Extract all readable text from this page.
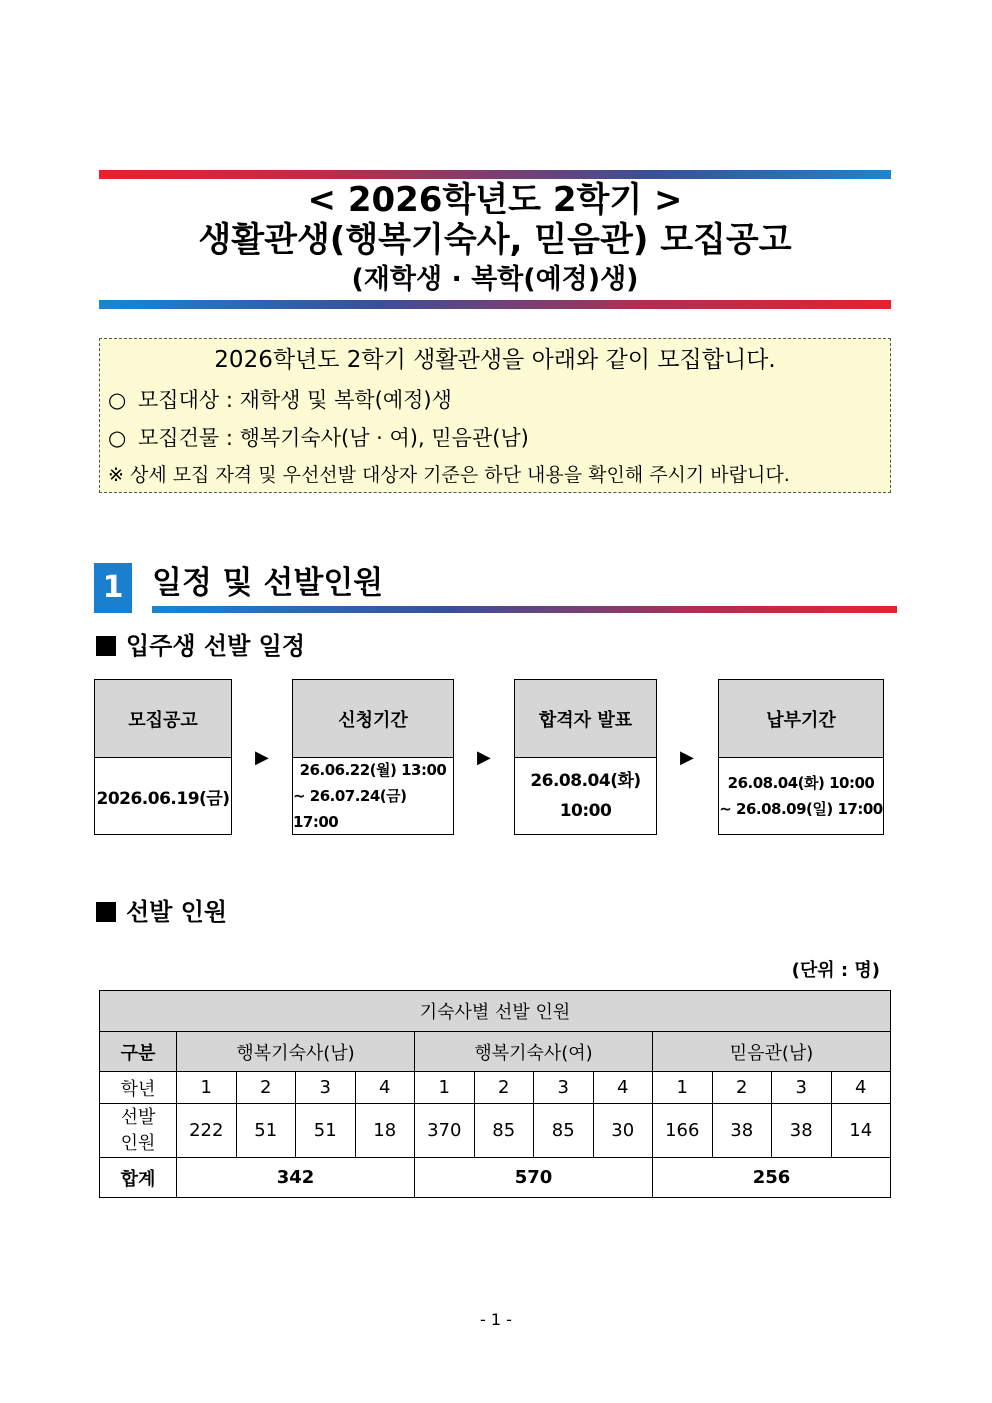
< 2026학년도 2학기 >
생활관생(행복기숙사, 믿음관) 모집공고
(재학생 · 복학(예정)생)
2026학년도 2학기 생활관생을 아래와 같이 모집합니다.
○ 모집대상 : 재학생 및 복학(예정)생
○ 모집건물 : 행복기숙사(남 · 여), 믿음관(남)
※ 상세 모집 자격 및 우선선발 대상자 기준은 하단 내용을 확인해 주시기 바랍니다.
1 일정 및 선발인원
입주생 선발 일정
모집공고
2026.06.19(금)
▶
신청기간
26.06.22(월) 13:00
~ 26.07.24(금) 17:00
▶
합격자 발표
26.08.04(화)
10:00
▶
납부기간
26.08.04(화) 10:00
~ 26.08.09(일) 17:00
선발 인원
(단위 : 명)
기숙사별 선발 인원												
구분	행복기숙사(남)				행복기숙사(여)				믿음관(남)			
학년	1	2	3	4	1	2	3	4	1	2	3	4
선발
인원	222	51	51	18	370	85	85	30	166	38	38	14
합계	342				570				256			
- 1 -
